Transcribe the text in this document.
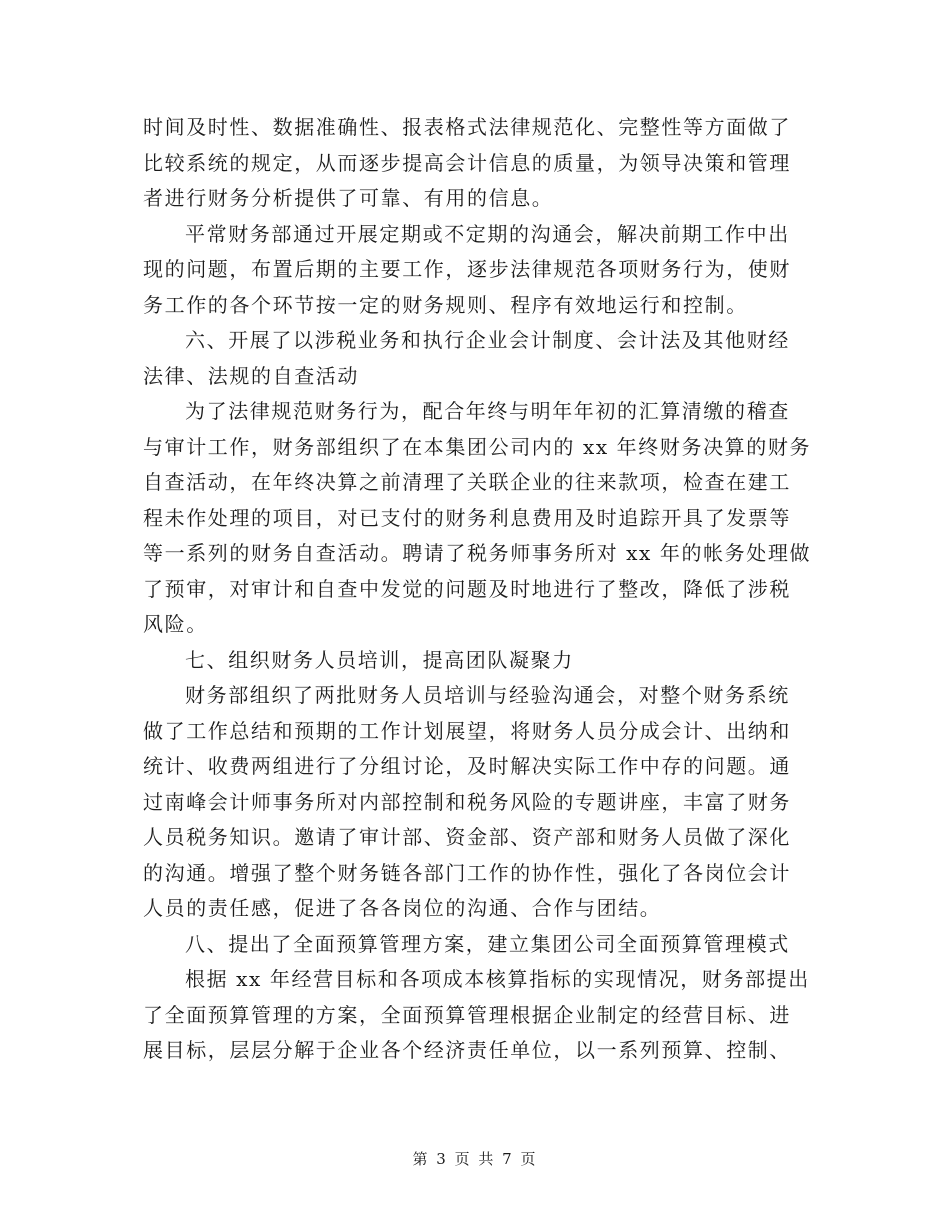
时间及时性、数据准确性、报表格式法律规范化、完整性等方面做了
比较系统的规定，从而逐步提高会计信息的质量，为领导决策和管理
者进行财务分析提供了可靠、有用的信息。
平常财务部通过开展定期或不定期的沟通会，解决前期工作中出
现的问题，布置后期的主要工作，逐步法律规范各项财务行为，使财
务工作的各个环节按一定的财务规则、程序有效地运行和控制。
六、开展了以涉税业务和执行企业会计制度、会计法及其他财经
法律、法规的自查活动
为了法律规范财务行为，配合年终与明年年初的汇算清缴的稽查
与审计工作，财务部组织了在本集团公司内的 xx 年终财务决算的财务
自查活动，在年终决算之前清理了关联企业的往来款项，检查在建工
程未作处理的项目，对已支付的财务利息费用及时追踪开具了发票等
等一系列的财务自查活动。聘请了税务师事务所对 xx 年的帐务处理做
了预审，对审计和自查中发觉的问题及时地进行了整改，降低了涉税
风险。
七、组织财务人员培训，提高团队凝聚力
财务部组织了两批财务人员培训与经验沟通会，对整个财务系统
做了工作总结和预期的工作计划展望，将财务人员分成会计、出纳和
统计、收费两组进行了分组讨论，及时解决实际工作中存的问题。通
过南峰会计师事务所对内部控制和税务风险的专题讲座，丰富了财务
人员税务知识。邀请了审计部、资金部、资产部和财务人员做了深化
的沟通。增强了整个财务链各部门工作的协作性，强化了各岗位会计
人员的责任感，促进了各各岗位的沟通、合作与团结。
八、提出了全面预算管理方案，建立集团公司全面预算管理模式
根据 xx 年经营目标和各项成本核算指标的实现情况，财务部提出
了全面预算管理的方案，全面预算管理根据企业制定的经营目标、进
展目标，层层分解于企业各个经济责任单位，以一系列预算、控制、
第 3 页 共 7 页
